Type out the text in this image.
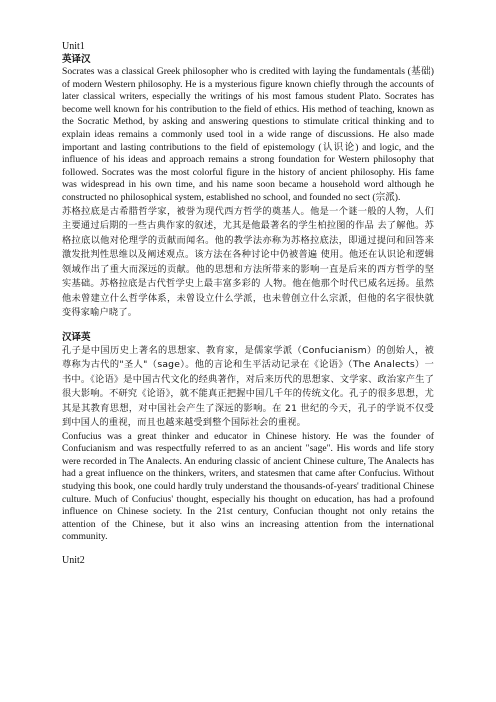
Unit1

英译汉

Socrates was a classical Greek philosopher who is credited with laying the fundamentals (基础) of modern Western philosophy. He is a mysterious figure known chiefly through the accounts of later classical writers, especially the writings of his most famous student Plato. Socrates has become well known for his contribution to the field of ethics. His method of teaching, known as the Socratic Method, by asking and answering questions to stimulate critical thinking and to explain ideas remains a commonly used tool in a wide range of discussions. He also made important and lasting contributions to the field of epistemology (认识论) and logic, and the influence of his ideas and approach remains a strong foundation for Western philosophy that followed. Socrates was the most colorful figure in the history of ancient philosophy. His fame was widespread in his own time, and his name soon became a household word although he constructed no philosophical system, established no school, and founded no sect (宗派).

苏格拉底是古希腊哲学家，被誉为现代西方哲学的奠基人。他是一个谜一般的人物，人们主要通过后期的一些古典作家的叙述，尤其是他最著名的学生柏拉图的作品 去了解他。苏格拉底以他对伦理学的贡献而闻名。他的教学法亦称为苏格拉底法，即通过提问和回答来激发批判性思维以及阐述观点。该方法在各种讨论中仍被普遍 使用。他还在认识论和逻辑领域作出了重大而深远的贡献。他的思想和方法所带来的影响一直是后来的西方哲学的坚实基础。苏格拉底是古代哲学史上最丰富多彩的 人物。他在他那个时代已威名远扬。虽然他未曾建立什么哲学体系，未曾设立什么学派，也未曾创立什么宗派，但他的名字很快就变得家喻户晓了。

汉译英

孔子是中国历史上著名的思想家、教育家，是儒家学派（Confucianism）的创始人，被尊称为古代的"圣人"（sage）。他的言论和生平活动记录在《论语》（The Analects）一书中。《论语》是中国古代文化的经典著作，对后来历代的思想家、文学家、政治家产生了很大影响。不研究《论语》，就不能真正把握中国几千年的传统文化。孔子的很多思想，尤其是其教育思想，对中国社会产生了深远的影响。在 21 世纪的今天，孔子的学说不仅受到中国人的重视，而且也越来越受到整个国际社会的重视。

Confucius was a great thinker and educator in Chinese history. He was the founder of Confucianism and was respectfully referred to as an ancient "sage". His words and life story were recorded in The Analects. An enduring classic of ancient Chinese culture, The Analects has had a great influence on the thinkers, writers, and statesmen that came after Confucius. Without studying this book, one could hardly truly understand the thousands-of-years' traditional Chinese culture. Much of Confucius' thought, especially his thought on education, has had a profound influence on Chinese society. In the 21st century, Confucian thought not only retains the attention of the Chinese, but it also wins an increasing attention from the international community.

Unit2
